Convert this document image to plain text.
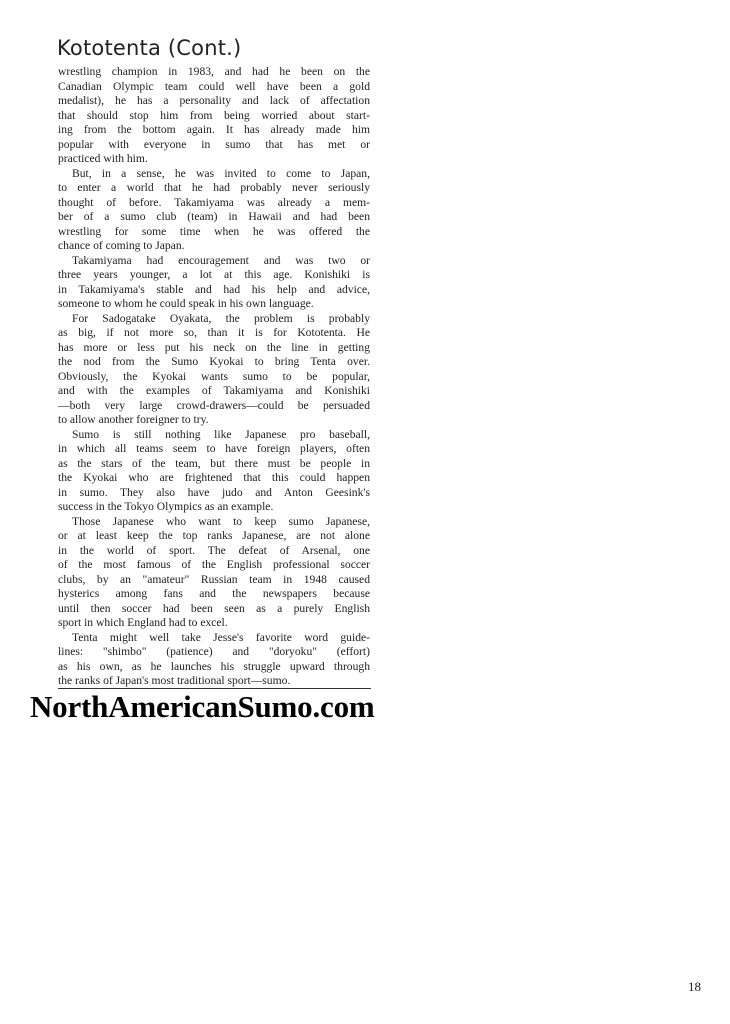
Kototenta (Cont.)
wrestling champion in 1983, and had he been on the
Canadian Olympic team could well have been a gold
medalist), he has a personality and lack of affectation
that should stop him from being worried about start-
ing from the bottom again. It has already made him
popular with everyone in sumo that has met or
practiced with him.
But, in a sense, he was invited to come to Japan,
to enter a world that he had probably never seriously
thought of before. Takamiyama was already a mem-
ber of a sumo club (team) in Hawaii and had been
wrestling for some time when he was offered the
chance of coming to Japan.
Takamiyama had encouragement and was two or
three years younger, a lot at this age. Konishiki is
in Takamiyama's stable and had his help and advice,
someone to whom he could speak in his own language.
For Sadogatake Oyakata, the problem is probably
as big, if not more so, than it is for Kototenta. He
has more or less put his neck on the line in getting
the nod from the Sumo Kyokai to bring Tenta over.
Obviously, the Kyokai wants sumo to be popular,
and with the examples of Takamiyama and Konishiki
—both very large crowd-drawers—could be persuaded
to allow another foreigner to try.
Sumo is still nothing like Japanese pro baseball,
in which all teams seem to have foreign players, often
as the stars of the team, but there must be people in
the Kyokai who are frightened that this could happen
in sumo. They also have judo and Anton Geesink's
success in the Tokyo Olympics as an example.
Those Japanese who want to keep sumo Japanese,
or at least keep the top ranks Japanese, are not alone
in the world of sport. The defeat of Arsenal, one
of the most famous of the English professional soccer
clubs, by an "amateur" Russian team in 1948 caused
hysterics among fans and the newspapers because
until then soccer had been seen as a purely English
sport in which England had to excel.
Tenta might well take Jesse's favorite word guide-
lines: "shimbo" (patience) and "doryoku" (effort)
as his own, as he launches his struggle upward through
the ranks of Japan's most traditional sport—sumo.
NorthAmericanSumo.com
18
